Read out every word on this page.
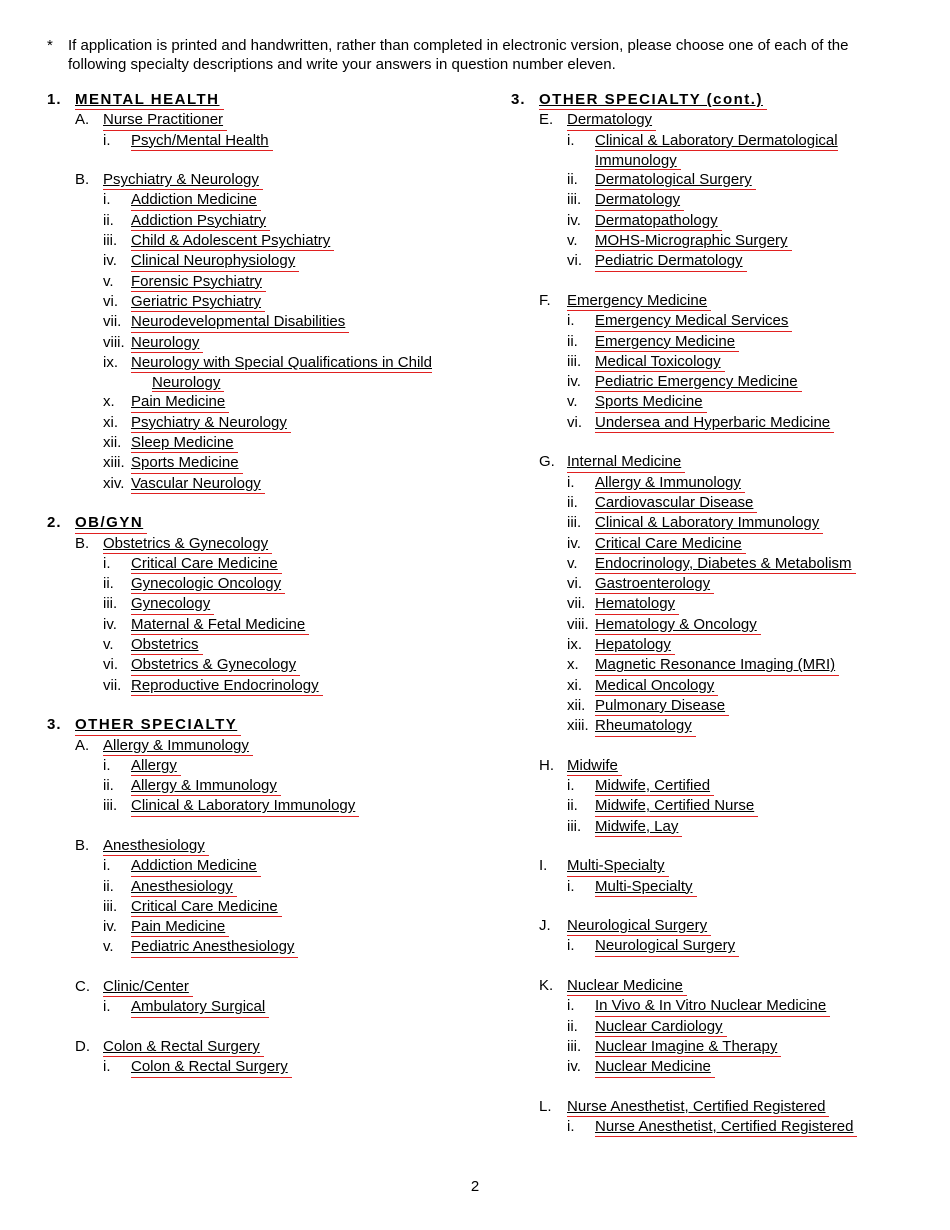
* If application is printed and handwritten, rather than completed in electronic version, please choose one of each of the following specialty descriptions and write your answers in question number eleven.
1. MENTAL HEALTH
A. Nurse Practitioner
i.	Psych/Mental Health
B. Psychiatry & Neurology
i.	Addiction Medicine
ii.	Addiction Psychiatry
iii. Child & Adolescent Psychiatry
iv. Clinical Neurophysiology
v.	Forensic Psychiatry
vi. Geriatric Psychiatry
vii. Neurodevelopmental Disabilities
viii. Neurology
ix. Neurology with Special Qualifications in Child
Neurology
x.	Pain Medicine
xi. Psychiatry & Neurology
xii. Sleep Medicine
xiii. Sports Medicine
xiv. Vascular Neurology
2. OB/GYN
B. Obstetrics & Gynecology
i.	Critical Care Medicine
ii.	Gynecologic Oncology
iii. Gynecology
iv. Maternal & Fetal Medicine
v.	Obstetrics
vi. Obstetrics & Gynecology
vii. Reproductive Endocrinology
3. OTHER SPECIALTY
A. Allergy & Immunology
i.	Allergy
ii.	Allergy & Immunology
iii. Clinical & Laboratory Immunology
B. Anesthesiology
i.	Addiction Medicine
ii.	Anesthesiology
iii. Critical Care Medicine
iv. Pain Medicine
v.	Pediatric Anesthesiology
C. Clinic/Center
i.	Ambulatory Surgical
D. Colon & Rectal Surgery
i.	Colon & Rectal Surgery
3. OTHER SPECIALTY (cont.)
E. Dermatology
i.	Clinical & Laboratory Dermatological
Immunology
ii.	Dermatological Surgery
iii. Dermatology
iv. Dermatopathology
v.	MOHS-Micrographic Surgery
vi. Pediatric Dermatology
F.	Emergency Medicine
i.	Emergency Medical Services
ii.	Emergency Medicine
iii. Medical Toxicology
iv. Pediatric Emergency Medicine
v.	Sports Medicine
vi. Undersea and Hyperbaric Medicine
G. Internal Medicine
i.	Allergy & Immunology
ii.	Cardiovascular Disease
iii. Clinical & Laboratory Immunology
iv. Critical Care Medicine
v.	Endocrinology, Diabetes & Metabolism
vi. Gastroenterology
vii. Hematology
viii. Hematology & Oncology
ix. Hepatology
x.	Magnetic Resonance Imaging (MRI)
xi. Medical Oncology
xii. Pulmonary Disease
xiii. Rheumatology
H. Midwife
i.	Midwife, Certified
ii.	Midwife, Certified Nurse
iii. Midwife, Lay
I.	Multi-Specialty
i.	Multi-Specialty
J.	Neurological Surgery
i.	Neurological Surgery
K. Nuclear Medicine
i.	In Vivo & In Vitro Nuclear Medicine
ii.	Nuclear Cardiology
iii. Nuclear Imagine & Therapy
iv. Nuclear Medicine
L.	Nurse Anesthetist, Certified Registered
i.	Nurse Anesthetist, Certified Registered
2
